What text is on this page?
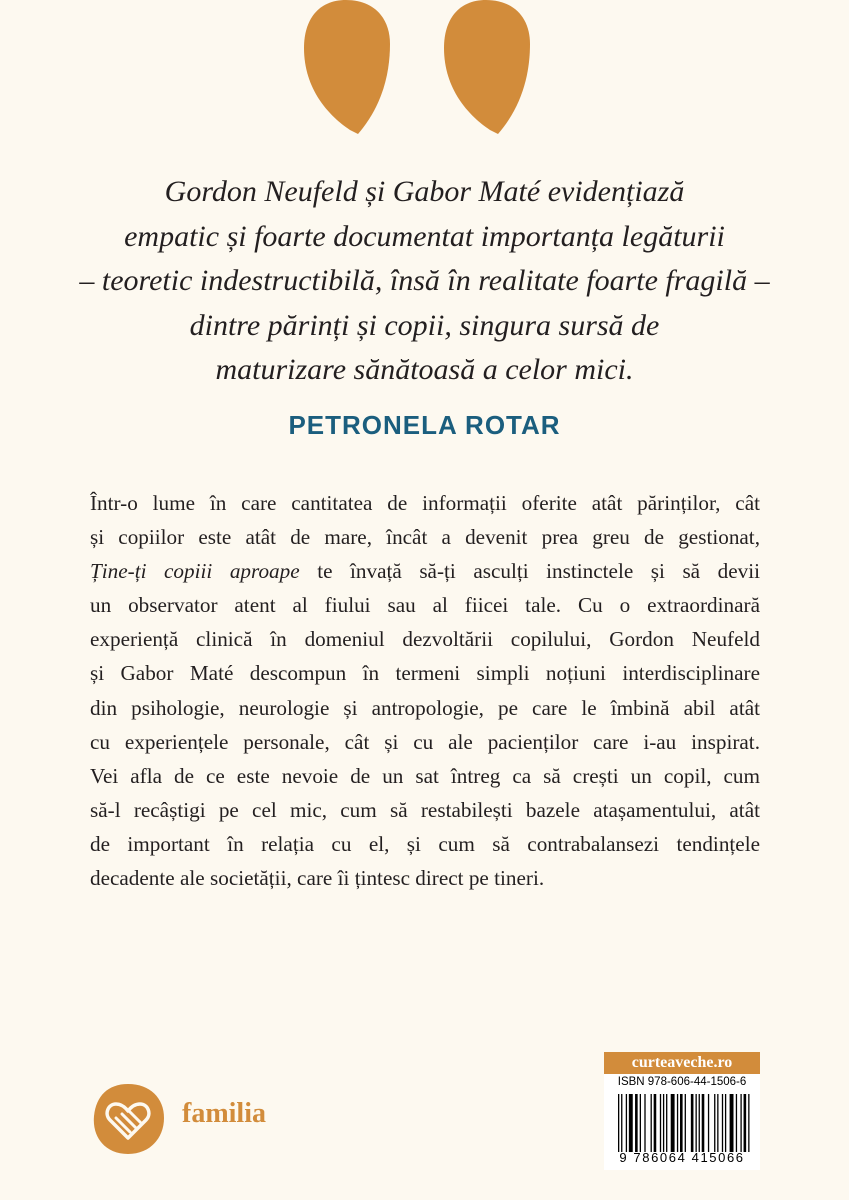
Gordon Neufeld și Gabor Maté evidențiază
empatic și foarte documentat importanța legăturii
– teoretic indestructibilă, însă în realitate foarte fragilă –
dintre părinți și copii, singura sursă de
maturizare sănătoasă a celor mici.
PETRONELA ROTAR
Într-o lume în care cantitatea de informații oferite atât părinților, cât
și copiilor este atât de mare, încât a devenit prea greu de gestionat,
Ține-ți copiii aproape te învață să-ți asculți instinctele și să devii
un observator atent al fiului sau al fiicei tale. Cu o extraordinară
experiență clinică în domeniul dezvoltării copilului, Gordon Neufeld
și Gabor Maté descompun în termeni simpli noțiuni interdisciplinare
din psihologie, neurologie și antropologie, pe care le îmbină abil atât
cu experiențele personale, cât și cu ale pacienților care i-au inspirat.
Vei afla de ce este nevoie de un sat întreg ca să crești un copil, cum
să-l recâștigi pe cel mic, cum să restabilești bazele atașamentului, atât
de important în relația cu el, și cum să contrabalansezi tendințele
decadente ale societății, care îi țintesc direct pe tineri.
familia
curteaveche.ro
ISBN 978-606-44-1506-6
9 786064 415066
